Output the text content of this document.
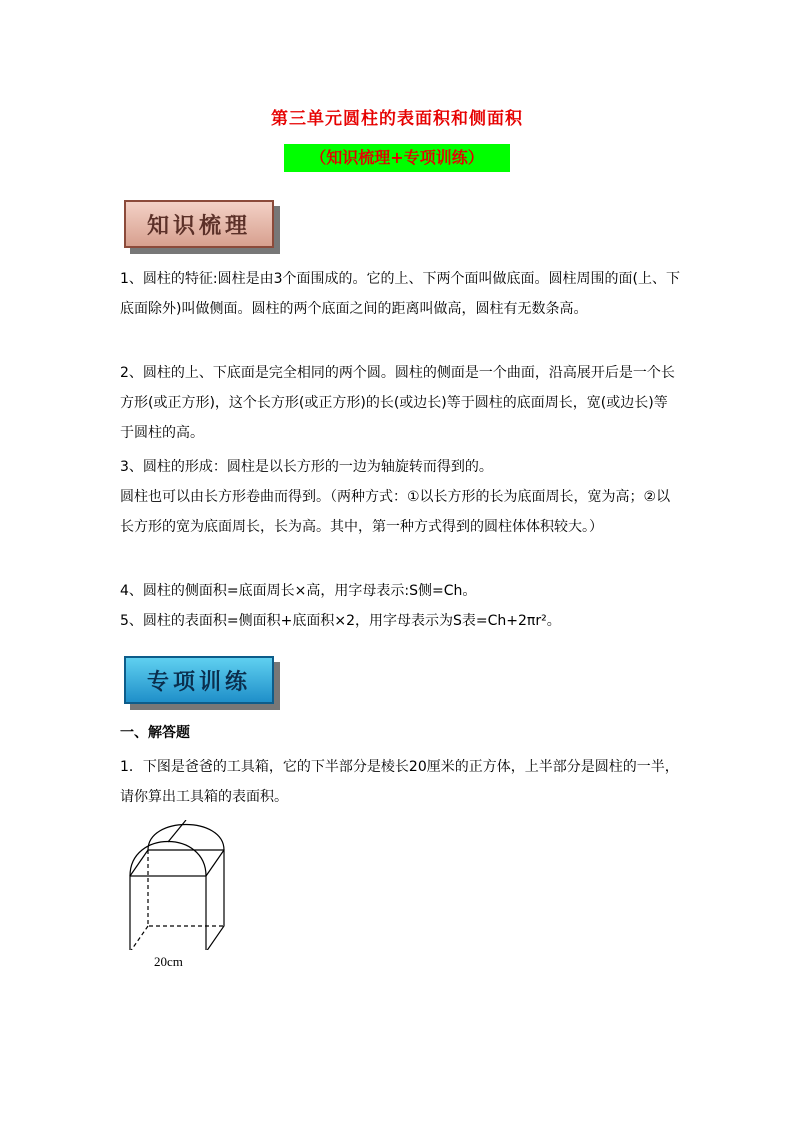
第三单元圆柱的表面积和侧面积
（知识梳理+专项训练）
知识梳理
1、圆柱的特征:圆柱是由3个面围成的。它的上、下两个面叫做底面。圆柱周围的面(上、下底面除外)叫做侧面。圆柱的两个底面之间的距离叫做高，圆柱有无数条高。
2、圆柱的上、下底面是完全相同的两个圆。圆柱的侧面是一个曲面，沿高展开后是一个长方形(或正方形)，这个长方形(或正方形)的长(或边长)等于圆柱的底面周长，宽(或边长)等于圆柱的高。
3、圆柱的形成：圆柱是以长方形的一边为轴旋转而得到的。
圆柱也可以由长方形卷曲而得到。（两种方式：①以长方形的长为底面周长，宽为高；②以长方形的宽为底面周长，长为高。其中，第一种方式得到的圆柱体体积较大。）
4、圆柱的侧面积=底面周长×高，用字母表示:S侧=Ch。
5、圆柱的表面积=侧面积+底面积×2，用字母表示为S表=Ch+2πr²。
专项训练
一、解答题
1．下图是爸爸的工具箱，它的下半部分是棱长20厘米的正方体，上半部分是圆柱的一半，请你算出工具箱的表面积。
20cm
